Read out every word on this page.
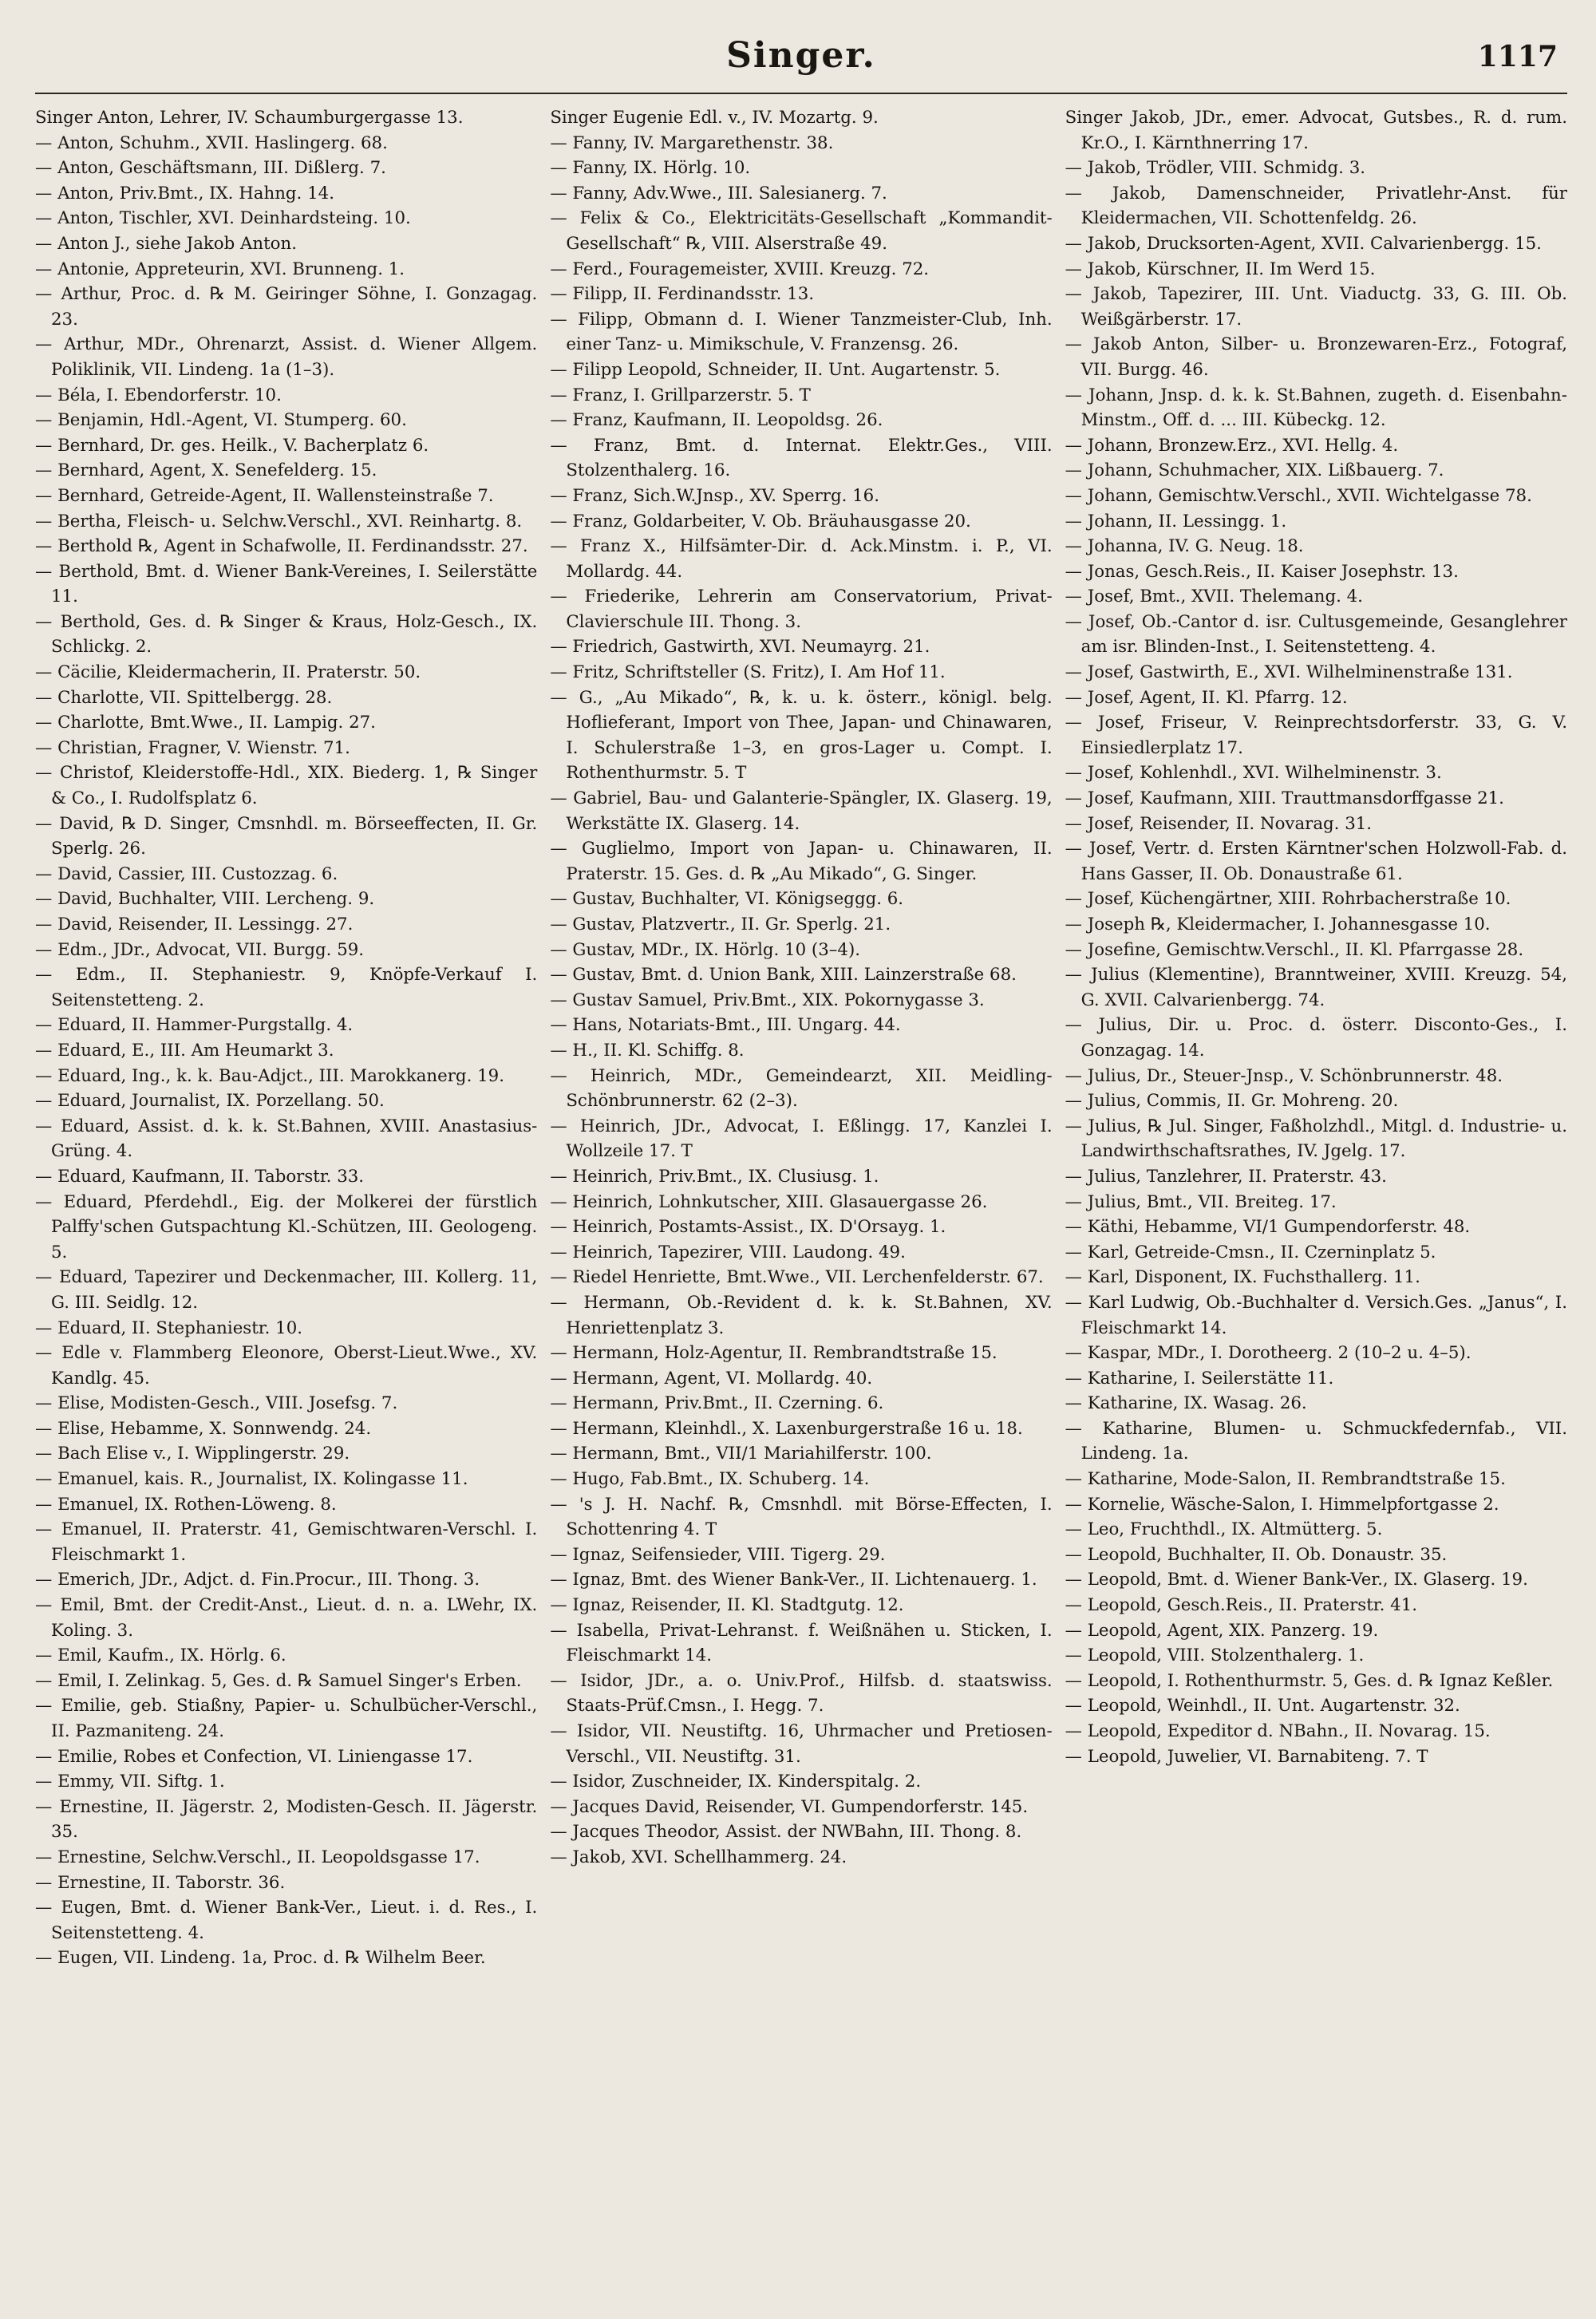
Singer.	1117

Singer Anton, Lehrer, IV. Schaumburgergasse 13.

— Anton, Schuhm., XVII. Haslingerg. 68.

— Anton, Geschäftsmann, III. Dißlerg. 7.

— Anton, Priv.Bmt., IX. Hahng. 14.

— Anton, Tischler, XVI. Deinhardsteing. 10.

— Anton J., siehe Jakob Anton.

— Antonie, Appreteurin, XVI. Brunneng. 1.

— Arthur, Proc. d. ℞ M. Geiringer Söhne, I. Gonzagag. 23.

— Arthur, MDr., Ohrenarzt, Assist. d. Wiener Allgem. Poliklinik, VII. Lindeng. 1a (1–3).

— Béla, I. Ebendorferstr. 10.

— Benjamin, Hdl.-Agent, VI. Stumperg. 60.

— Bernhard, Dr. ges. Heilk., V. Bacherplatz 6.

— Bernhard, Agent, X. Senefelderg. 15.

— Bernhard, Getreide-Agent, II. Wallensteinstraße 7.

— Bertha, Fleisch- u. Selchw.Verschl., XVI. Reinhartg. 8.

— Berthold ℞, Agent in Schafwolle, II. Ferdinandsstr. 27.

— Berthold, Bmt. d. Wiener Bank-Vereines, I. Seilerstätte 11.

— Berthold, Ges. d. ℞ Singer & Kraus, Holz-Gesch., IX. Schlickg. 2.

— Cäcilie, Kleidermacherin, II. Praterstr. 50.

— Charlotte, VII. Spittelbergg. 28.

— Charlotte, Bmt.Wwe., II. Lampig. 27.

— Christian, Fragner, V. Wienstr. 71.

— Christof, Kleiderstoffe-Hdl., XIX. Biederg. 1, ℞ Singer & Co., I. Rudolfsplatz 6.

— David, ℞ D. Singer, Cmsnhdl. m. Börseeffecten, II. Gr. Sperlg. 26.

— David, Cassier, III. Custozzag. 6.

— David, Buchhalter, VIII. Lercheng. 9.

— David, Reisender, II. Lessingg. 27.

— Edm., JDr., Advocat, VII. Burgg. 59.

— Edm., II. Stephaniestr. 9, Knöpfe-Verkauf I. Seitenstetteng. 2.

— Eduard, II. Hammer-Purgstallg. 4.

— Eduard, E., III. Am Heumarkt 3.

— Eduard, Ing., k. k. Bau-Adjct., III. Marokkanerg. 19.

— Eduard, Journalist, IX. Porzellang. 50.

— Eduard, Assist. d. k. k. St.Bahnen, XVIII. Anastasius-Grüng. 4.

— Eduard, Kaufmann, II. Taborstr. 33.

— Eduard, Pferdehdl., Eig. der Molkerei der fürstlich Palffy'schen Gutspachtung Kl.-Schützen, III. Geologeng. 5.

— Eduard, Tapezirer und Deckenmacher, III. Kollerg. 11, G. III. Seidlg. 12.

— Eduard, II. Stephaniestr. 10.

— Edle v. Flammberg Eleonore, Oberst-Lieut.Wwe., XV. Kandlg. 45.

— Elise, Modisten-Gesch., VIII. Josefsg. 7.

— Elise, Hebamme, X. Sonnwendg. 24.

— Bach Elise v., I. Wipplingerstr. 29.

— Emanuel, kais. R., Journalist, IX. Kolingasse 11.

— Emanuel, IX. Rothen-Löweng. 8.

— Emanuel, II. Praterstr. 41, Gemischtwaren-Verschl. I. Fleischmarkt 1.

— Emerich, JDr., Adjct. d. Fin.Procur., III. Thong. 3.

— Emil, Bmt. der Credit-Anst., Lieut. d. n. a. LWehr, IX. Koling. 3.

— Emil, Kaufm., IX. Hörlg. 6.

— Emil, I. Zelinkag. 5, Ges. d. ℞ Samuel Singer's Erben.

— Emilie, geb. Stiaßny, Papier- u. Schulbücher-Verschl., II. Pazmaniteng. 24.

— Emilie, Robes et Confection, VI. Liniengasse 17.

— Emmy, VII. Siftg. 1.

— Ernestine, II. Jägerstr. 2, Modisten-Gesch. II. Jägerstr. 35.

— Ernestine, Selchw.Verschl., II. Leopoldsgasse 17.

— Ernestine, II. Taborstr. 36.

— Eugen, Bmt. d. Wiener Bank-Ver., Lieut. i. d. Res., I. Seitenstetteng. 4.

— Eugen, VII. Lindeng. 1a, Proc. d. ℞ Wilhelm Beer.

Singer Eugenie Edl. v., IV. Mozartg. 9.

— Fanny, IV. Margarethenstr. 38.

— Fanny, IX. Hörlg. 10.

— Fanny, Adv.Wwe., III. Salesianerg. 7.

— Felix & Co., Elektricitäts-Gesellschaft „Kommandit-Gesellschaft“ ℞, VIII. Alserstraße 49.

— Ferd., Fouragemeister, XVIII. Kreuzg. 72.

— Filipp, II. Ferdinandsstr. 13.

— Filipp, Obmann d. I. Wiener Tanzmeister-Club, Inh. einer Tanz- u. Mimikschule, V. Franzensg. 26.

— Filipp Leopold, Schneider, II. Unt. Augartenstr. 5.

— Franz, I. Grillparzerstr. 5. T

— Franz, Kaufmann, II. Leopoldsg. 26.

— Franz, Bmt. d. Internat. Elektr.Ges., VIII. Stolzenthalerg. 16.

— Franz, Sich.W.Jnsp., XV. Sperrg. 16.

— Franz, Goldarbeiter, V. Ob. Bräuhausgasse 20.

— Franz X., Hilfsämter-Dir. d. Ack.Minstm. i. P., VI. Mollardg. 44.

— Friederike, Lehrerin am Conservatorium, Privat-Clavierschule III. Thong. 3.

— Friedrich, Gastwirth, XVI. Neumayrg. 21.

— Fritz, Schriftsteller (S. Fritz), I. Am Hof 11.

— G., „Au Mikado“, ℞, k. u. k. österr., königl. belg. Hoflieferant, Import von Thee, Japan- und Chinawaren, I. Schulerstraße 1–3, en gros-Lager u. Compt. I. Rothenthurmstr. 5. T

— Gabriel, Bau- und Galanterie-Spängler, IX. Glaserg. 19, Werkstätte IX. Glaserg. 14.

— Guglielmo, Import von Japan- u. Chinawaren, II. Praterstr. 15. Ges. d. ℞ „Au Mikado“, G. Singer.

— Gustav, Buchhalter, VI. Königseggg. 6.

— Gustav, Platzvertr., II. Gr. Sperlg. 21.

— Gustav, MDr., IX. Hörlg. 10 (3–4).

— Gustav, Bmt. d. Union Bank, XIII. Lainzerstraße 68.

— Gustav Samuel, Priv.Bmt., XIX. Pokornygasse 3.

— Hans, Notariats-Bmt., III. Ungarg. 44.

— H., II. Kl. Schiffg. 8.

— Heinrich, MDr., Gemeindearzt, XII. Meidling-Schönbrunnerstr. 62 (2–3).

— Heinrich, JDr., Advocat, I. Eßlingg. 17, Kanzlei I. Wollzeile 17. T

— Heinrich, Priv.Bmt., IX. Clusiusg. 1.

— Heinrich, Lohnkutscher, XIII. Glasauergasse 26.

— Heinrich, Postamts-Assist., IX. D'Orsayg. 1.

— Heinrich, Tapezirer, VIII. Laudong. 49.

— Riedel Henriette, Bmt.Wwe., VII. Lerchenfelderstr. 67.

— Hermann, Ob.-Revident d. k. k. St.Bahnen, XV. Henriettenplatz 3.

— Hermann, Holz-Agentur, II. Rembrandtstraße 15.

— Hermann, Agent, VI. Mollardg. 40.

— Hermann, Priv.Bmt., II. Czerning. 6.

— Hermann, Kleinhdl., X. Laxenburgerstraße 16 u. 18.

— Hermann, Bmt., VII/1 Mariahilferstr. 100.

— Hugo, Fab.Bmt., IX. Schuberg. 14.

— 's J. H. Nachf. ℞, Cmsnhdl. mit Börse-Effecten, I. Schottenring 4. T

— Ignaz, Seifensieder, VIII. Tigerg. 29.

— Ignaz, Bmt. des Wiener Bank-Ver., II. Lichtenauerg. 1.

— Ignaz, Reisender, II. Kl. Stadtgutg. 12.

— Isabella, Privat-Lehranst. f. Weißnähen u. Sticken, I. Fleischmarkt 14.

— Isidor, JDr., a. o. Univ.Prof., Hilfsb. d. staatswiss. Staats-Prüf.Cmsn., I. Hegg. 7.

— Isidor, VII. Neustiftg. 16, Uhrmacher und Pretiosen-Verschl., VII. Neustiftg. 31.

— Isidor, Zuschneider, IX. Kinderspitalg. 2.

— Jacques David, Reisender, VI. Gumpendorferstr. 145.

— Jacques Theodor, Assist. der NWBahn, III. Thong. 8.

— Jakob, XVI. Schellhammerg. 24.

Singer Jakob, JDr., emer. Advocat, Gutsbes., R. d. rum. Kr.O., I. Kärnthnerring 17.

— Jakob, Trödler, VIII. Schmidg. 3.

— Jakob, Damenschneider, Privatlehr-Anst. für Kleidermachen, VII. Schottenfeldg. 26.

— Jakob, Drucksorten-Agent, XVII. Calvarienbergg. 15.

— Jakob, Kürschner, II. Im Werd 15.

— Jakob, Tapezirer, III. Unt. Viaductg. 33, G. III. Ob. Weißgärberstr. 17.

— Jakob Anton, Silber- u. Bronzewaren-Erz., Fotograf, VII. Burgg. 46.

— Johann, Jnsp. d. k. k. St.Bahnen, zugeth. d. Eisenbahn-Minstm., Off. d. ... III. Kübeckg. 12.

— Johann, Bronzew.Erz., XVI. Hellg. 4.

— Johann, Schuhmacher, XIX. Lißbauerg. 7.

— Johann, Gemischtw.Verschl., XVII. Wichtelgasse 78.

— Johann, II. Lessingg. 1.

— Johanna, IV. G. Neug. 18.

— Jonas, Gesch.Reis., II. Kaiser Josephstr. 13.

— Josef, Bmt., XVII. Thelemang. 4.

— Josef, Ob.-Cantor d. isr. Cultusgemeinde, Gesanglehrer am isr. Blinden-Inst., I. Seitenstetteng. 4.

— Josef, Gastwirth, E., XVI. Wilhelminenstraße 131.

— Josef, Agent, II. Kl. Pfarrg. 12.

— Josef, Friseur, V. Reinprechtsdorferstr. 33, G. V. Einsiedlerplatz 17.

— Josef, Kohlenhdl., XVI. Wilhelminenstr. 3.

— Josef, Kaufmann, XIII. Trauttmansdorffgasse 21.

— Josef, Reisender, II. Novarag. 31.

— Josef, Vertr. d. Ersten Kärntner'schen Holzwoll-Fab. d. Hans Gasser, II. Ob. Donaustraße 61.

— Josef, Küchengärtner, XIII. Rohrbacherstraße 10.

— Joseph ℞, Kleidermacher, I. Johannesgasse 10.

— Josefine, Gemischtw.Verschl., II. Kl. Pfarrgasse 28.

— Julius (Klementine), Branntweiner, XVIII. Kreuzg. 54, G. XVII. Calvarienbergg. 74.

— Julius, Dir. u. Proc. d. österr. Disconto-Ges., I. Gonzagag. 14.

— Julius, Dr., Steuer-Jnsp., V. Schönbrunnerstr. 48.

— Julius, Commis, II. Gr. Mohreng. 20.

— Julius, ℞ Jul. Singer, Faßholzhdl., Mitgl. d. Industrie- u. Landwirthschaftsrathes, IV. Jgelg. 17.

— Julius, Tanzlehrer, II. Praterstr. 43.

— Julius, Bmt., VII. Breiteg. 17.

— Käthi, Hebamme, VI/1 Gumpendorferstr. 48.

— Karl, Getreide-Cmsn., II. Czerninplatz 5.

— Karl, Disponent, IX. Fuchsthallerg. 11.

— Karl Ludwig, Ob.-Buchhalter d. Versich.Ges. „Janus“, I. Fleischmarkt 14.

— Kaspar, MDr., I. Dorotheerg. 2 (10–2 u. 4–5).

— Katharine, I. Seilerstätte 11.

— Katharine, IX. Wasag. 26.

— Katharine, Blumen- u. Schmuckfedernfab., VII. Lindeng. 1a.

— Katharine, Mode-Salon, II. Rembrandtstraße 15.

— Kornelie, Wäsche-Salon, I. Himmelpfortgasse 2.

— Leo, Fruchthdl., IX. Altmütterg. 5.

— Leopold, Buchhalter, II. Ob. Donaustr. 35.

— Leopold, Bmt. d. Wiener Bank-Ver., IX. Glaserg. 19.

— Leopold, Gesch.Reis., II. Praterstr. 41.

— Leopold, Agent, XIX. Panzerg. 19.

— Leopold, VIII. Stolzenthalerg. 1.

— Leopold, I. Rothenthurmstr. 5, Ges. d. ℞ Ignaz Keßler.

— Leopold, Weinhdl., II. Unt. Augartenstr. 32.

— Leopold, Expeditor d. NBahn., II. Novarag. 15.

— Leopold, Juwelier, VI. Barnabiteng. 7. T
